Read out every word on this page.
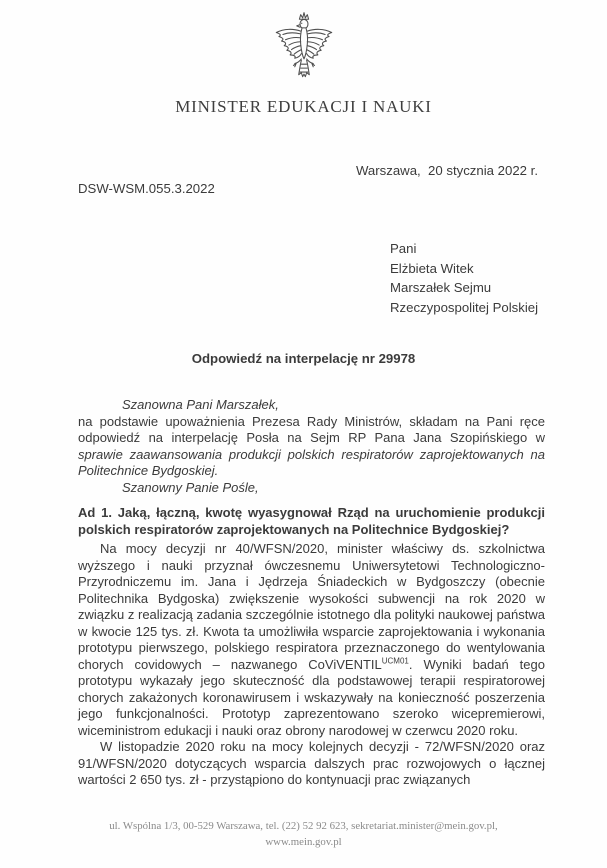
MINISTER EDUKACJI I NAUKI
Warszawa,  20 stycznia 2022 r.
DSW-WSM.055.3.2022
Pani
Elżbieta Witek
Marszałek Sejmu
Rzeczypospolitej Polskiej
Odpowiedź na interpelację nr 29978

Szanowna Pani Marszałek,

na podstawie upoważnienia Prezesa Rady Ministrów, składam na Pani ręce odpowiedź na interpelację Posła na Sejm RP Pana Jana Szopińskiego w sprawie zaawansowania produkcji polskich respiratorów zaprojektowanych na Politechnice Bydgoskiej.

Szanowny Panie Pośle,

Ad 1. Jaką, łączną, kwotę wyasygnował Rząd na uruchomienie produkcji polskich respiratorów zaprojektowanych na Politechnice Bydgoskiej?

Na mocy decyzji nr 40/WFSN/2020, minister właściwy ds. szkolnictwa wyższego i nauki przyznał ówczesnemu Uniwersytetowi Technologiczno-Przyrodniczemu im. Jana i Jędrzeja Śniadeckich w Bydgoszczy (obecnie Politechnika Bydgoska) zwiększenie wysokości subwencji na rok 2020 w związku z realizacją zadania szczególnie istotnego dla polityki naukowej państwa w kwocie 125 tys. zł. Kwota ta umożliwiła wsparcie zaprojektowania i wykonania prototypu pierwszego, polskiego respiratora przeznaczonego do wentylowania chorych covidowych – nazwanego CoViVENTIL$^{UCM01}$. Wyniki badań tego prototypu wykazały jego skuteczność dla podstawowej terapii respiratorowej chorych zakażonych koronawirusem i wskazywały na konieczność poszerzenia jego funkcjonalności. Prototyp zaprezentowano szeroko wicepremierowi, wiceministrom edukacji i nauki oraz obrony narodowej w czerwcu 2020 roku.

W listopadzie 2020 roku na mocy kolejnych decyzji - 72/WFSN/2020 oraz 91/WFSN/2020 dotyczących wsparcia dalszych prac rozwojowych o łącznej wartości 2 650 tys. zł - przystąpiono do kontynuacji prac związanych

ul. Wspólna 1/3, 00-529 Warszawa, tel. (22) 52 92 623, sekretariat.minister@mein.gov.pl,
www.mein.gov.pl
